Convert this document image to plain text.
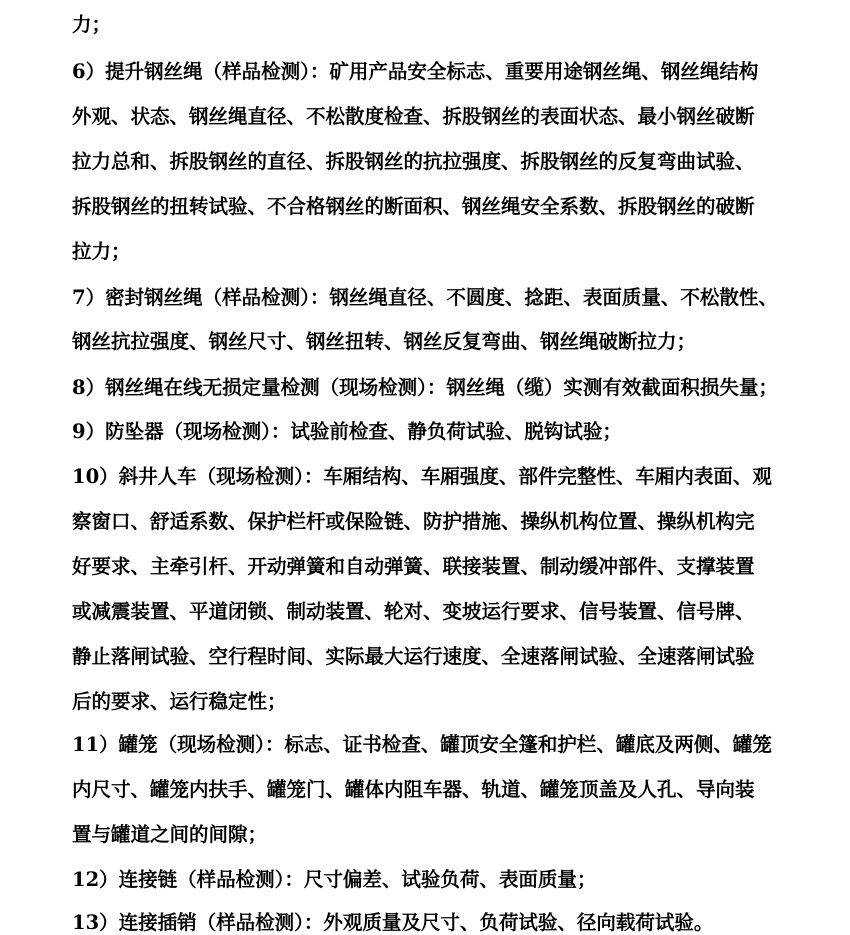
力；

6）提升钢丝绳（样品检测）：矿用产品安全标志、重要用途钢丝绳、钢丝绳结构

外观、状态、钢丝绳直径、不松散度检查、拆股钢丝的表面状态、最小钢丝破断

拉力总和、拆股钢丝的直径、拆股钢丝的抗拉强度、拆股钢丝的反复弯曲试验、

拆股钢丝的扭转试验、不合格钢丝的断面积、钢丝绳安全系数、拆股钢丝的破断

拉力；

7）密封钢丝绳（样品检测）：钢丝绳直径、不圆度、捻距、表面质量、不松散性、

钢丝抗拉强度、钢丝尺寸、钢丝扭转、钢丝反复弯曲、钢丝绳破断拉力；

8）钢丝绳在线无损定量检测（现场检测）：钢丝绳（缆）实测有效截面积损失量；

9）防坠器（现场检测）：试验前检查、静负荷试验、脱钩试验；

10）斜井人车（现场检测）：车厢结构、车厢强度、部件完整性、车厢内表面、观

察窗口、舒适系数、保护栏杆或保险链、防护措施、操纵机构位置、操纵机构完

好要求、主牵引杆、开动弹簧和自动弹簧、联接装置、制动缓冲部件、支撑装置

或减震装置、平道闭锁、制动装置、轮对、变坡运行要求、信号装置、信号牌、

静止落闸试验、空行程时间、实际最大运行速度、全速落闸试验、全速落闸试验

后的要求、运行稳定性；

11）罐笼（现场检测）：标志、证书检查、罐顶安全篷和护栏、罐底及两侧、罐笼

内尺寸、罐笼内扶手、罐笼门、罐体内阻车器、轨道、罐笼顶盖及人孔、导向装

置与罐道之间的间隙；

12）连接链（样品检测）：尺寸偏差、试验负荷、表面质量；

13）连接插销（样品检测）：外观质量及尺寸、负荷试验、径向载荷试验。
